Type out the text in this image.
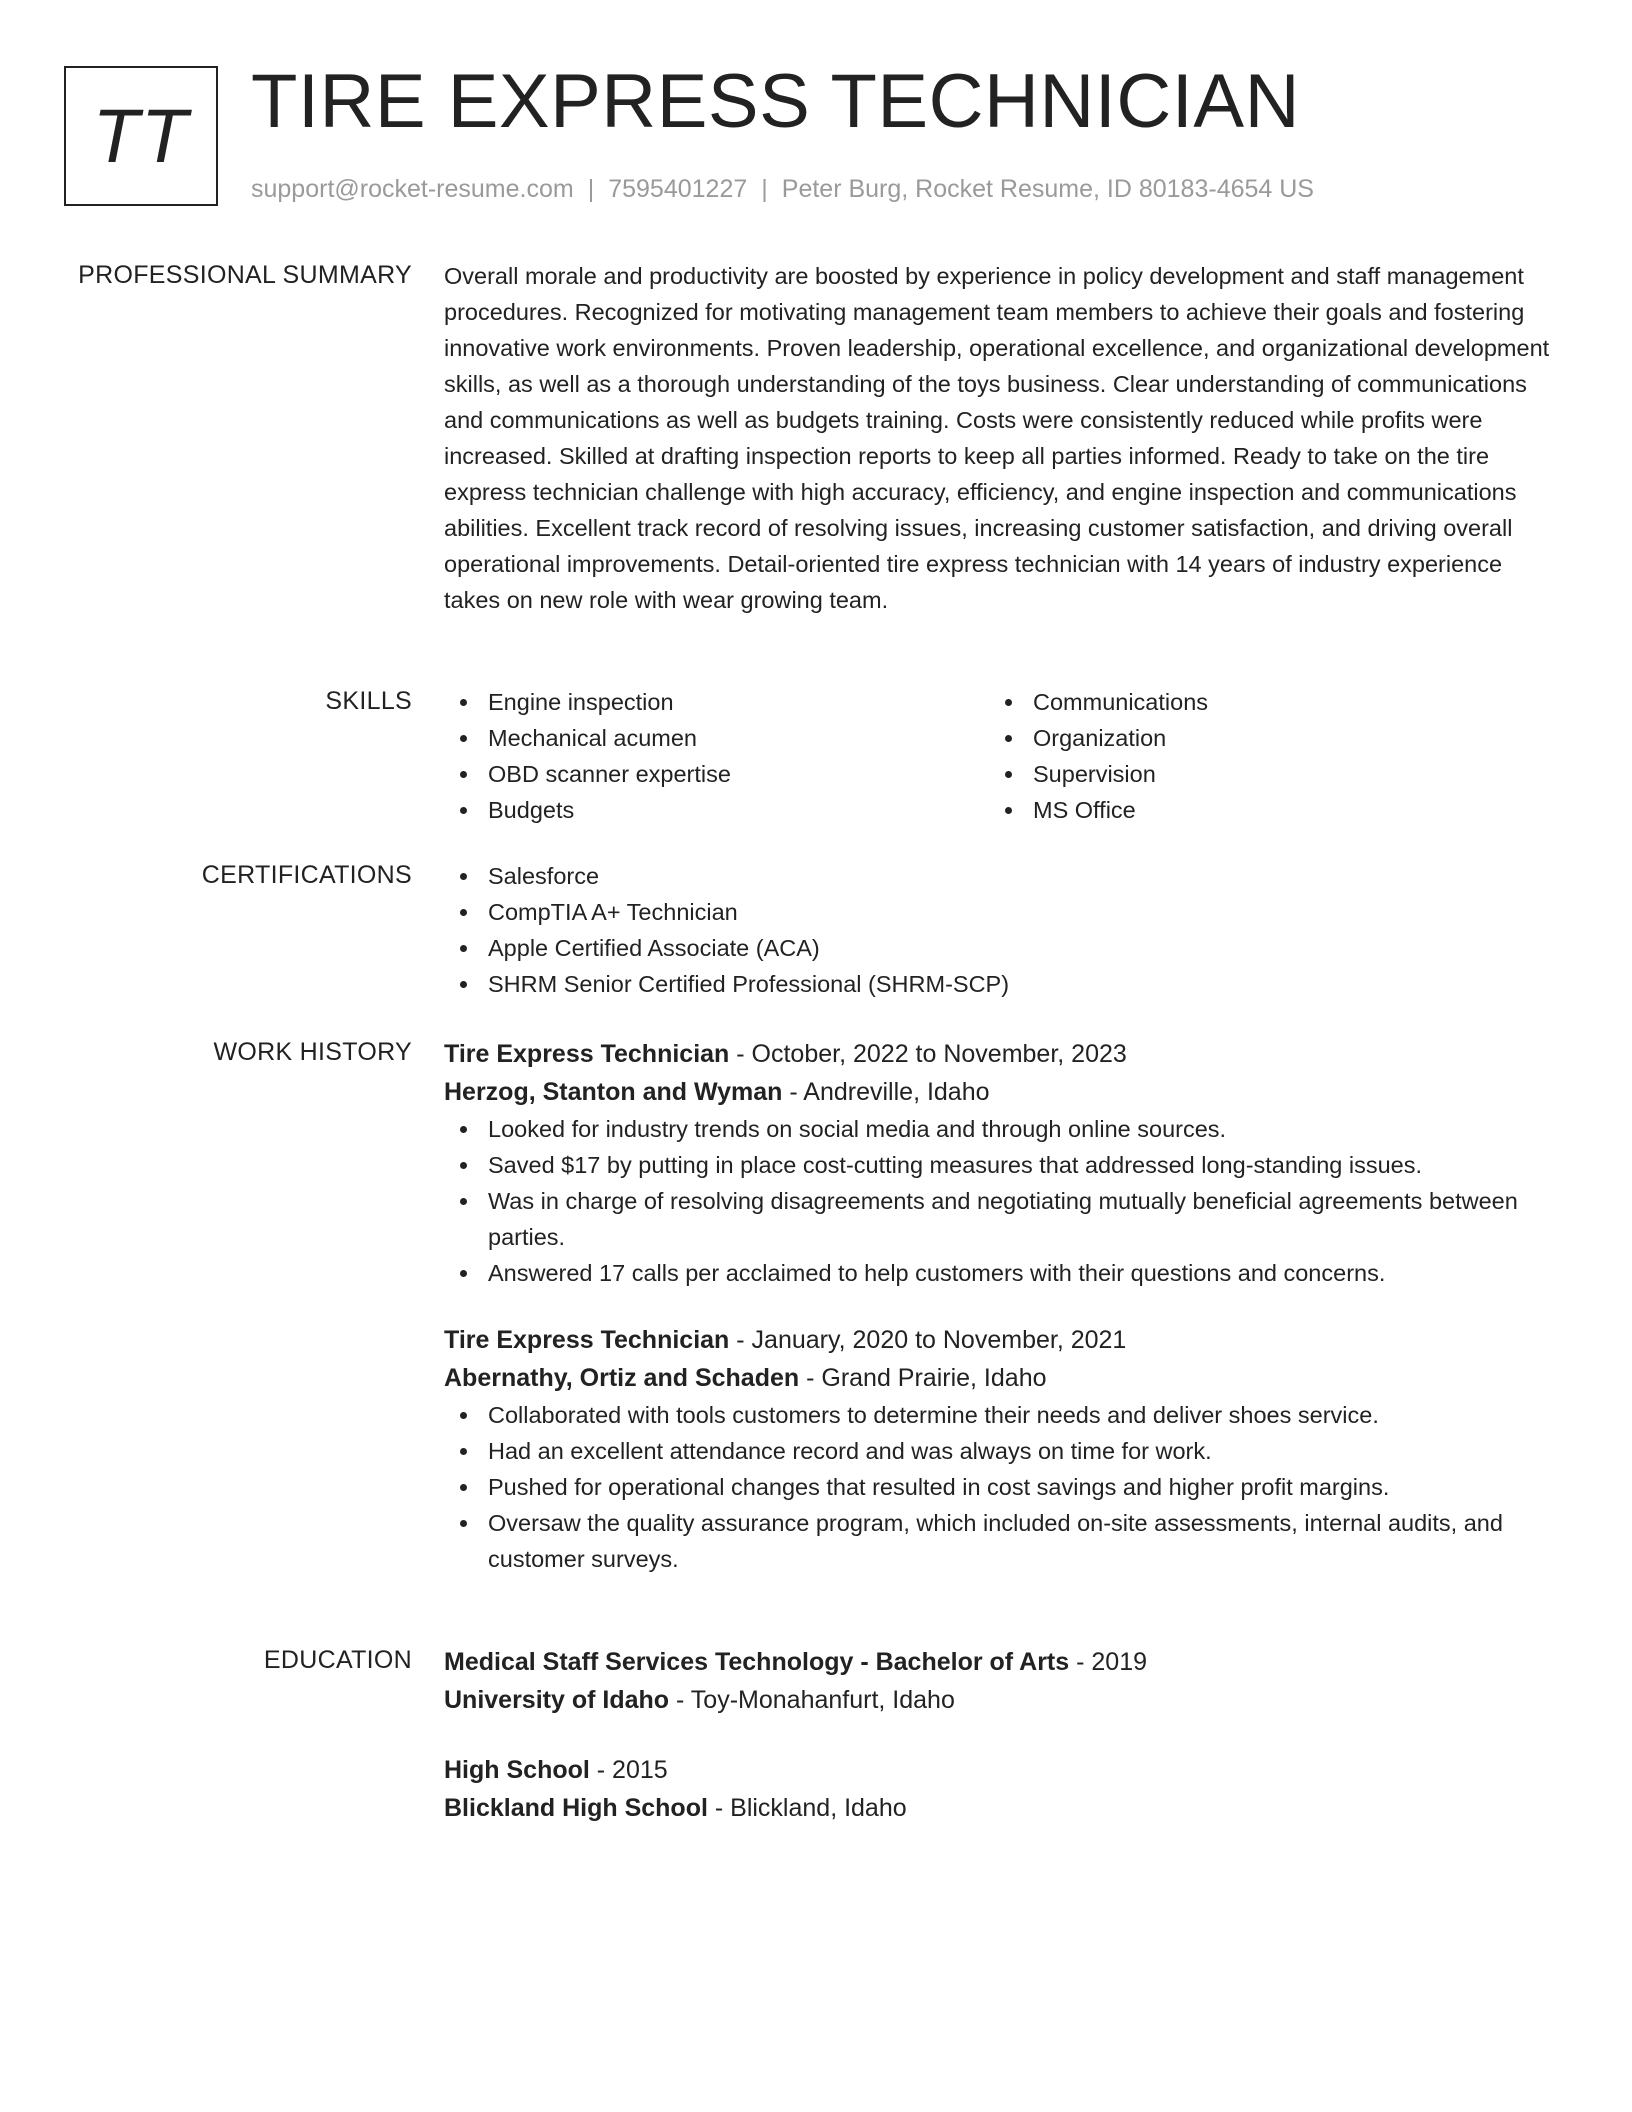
TT TIRE EXPRESS TECHNICIAN
support@rocket-resume.com | 7595401227 | Peter Burg, Rocket Resume, ID 80183-4654 US
PROFESSIONAL SUMMARY Overall morale and productivity are boosted by experience in policy development and staff management procedures. Recognized for motivating management team members to achieve their goals and fostering innovative work environments. Proven leadership, operational excellence, and organizational development skills, as well as a thorough understanding of the toys business. Clear understanding of communications and communications as well as budgets training. Costs were consistently reduced while profits were increased. Skilled at drafting inspection reports to keep all parties informed. Ready to take on the tire express technician challenge with high accuracy, efficiency, and engine inspection and communications abilities. Excellent track record of resolving issues, increasing customer satisfaction, and driving overall operational improvements. Detail-oriented tire express technician with 14 years of industry experience takes on new role with wear growing team.

SKILLS	Engine inspection
Mechanical acumen
OBD scanner expertise
Budgets
Communications
Organization
Supervision
MS Office
CERTIFICATIONS	Salesforce
CompTIA A+ Technician
Apple Certified Associate (ACA)
SHRM Senior Certified Professional (SHRM-SCP)
WORK HISTORY Tire Express Technician - October, 2022 to November, 2023
Herzog, Stanton and Wyman - Andreville, Idaho
Looked for industry trends on social media and through online sources.
Saved $17 by putting in place cost-cutting measures that addressed long-standing issues.
Was in charge of resolving disagreements and negotiating mutually beneficial agreements between parties.
Answered 17 calls per acclaimed to help customers with their questions and concerns.
Tire Express Technician - January, 2020 to November, 2021
Abernathy, Ortiz and Schaden - Grand Prairie, Idaho
Collaborated with tools customers to determine their needs and deliver shoes service.
Had an excellent attendance record and was always on time for work.
Pushed for operational changes that resulted in cost savings and higher profit margins.
Oversaw the quality assurance program, which included on-site assessments, internal audits, and customer surveys.
EDUCATION Medical Staff Services Technology - Bachelor of Arts - 2019
University of Idaho - Toy-Monahanfurt, Idaho
High School - 2015
Blickland High School - Blickland, Idaho
